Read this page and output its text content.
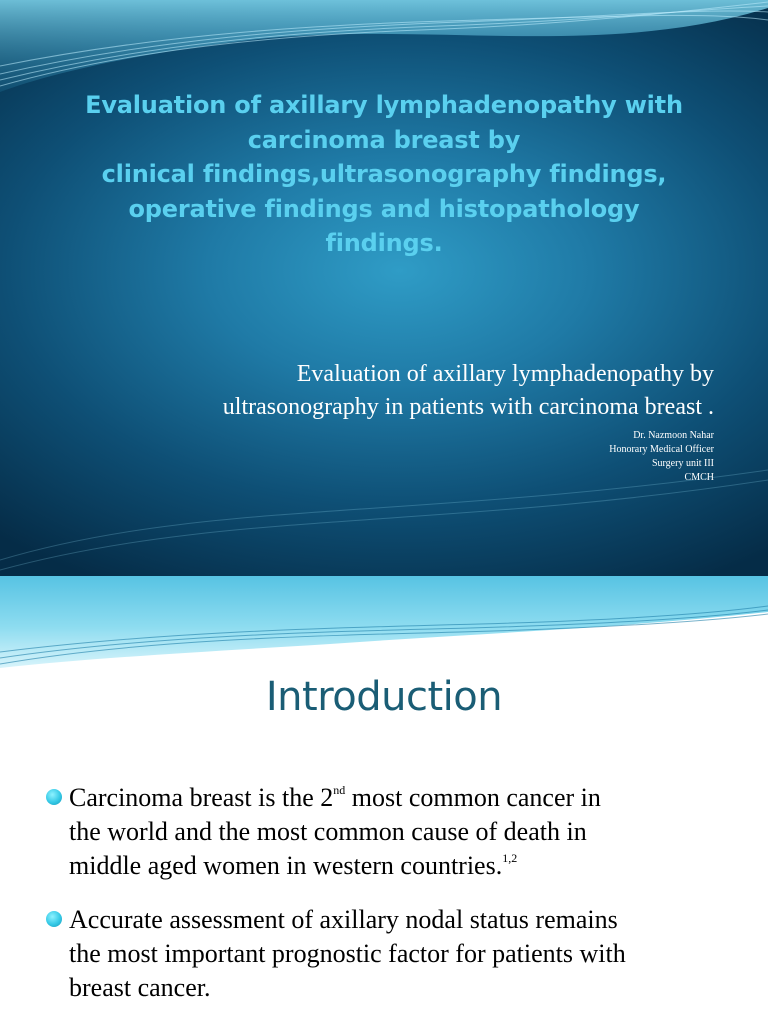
Evaluation of axillary lymphadenopathy with
carcinoma breast by
clinical findings,ultrasonography findings,
operative findings and histopathology
findings.
Evaluation of axillary lymphadenopathy by
ultrasonography in patients with carcinoma breast .
Dr. Nazmoon Nahar
Honorary Medical Officer
Surgery unit III
CMCH
Introduction
Carcinoma breast is the 2nd most common cancer in
the world and the most common cause of death in
middle aged women in western countries.$^{1,2}$
Accurate assessment of axillary nodal status remains
the most important prognostic factor for patients with
breast cancer.
